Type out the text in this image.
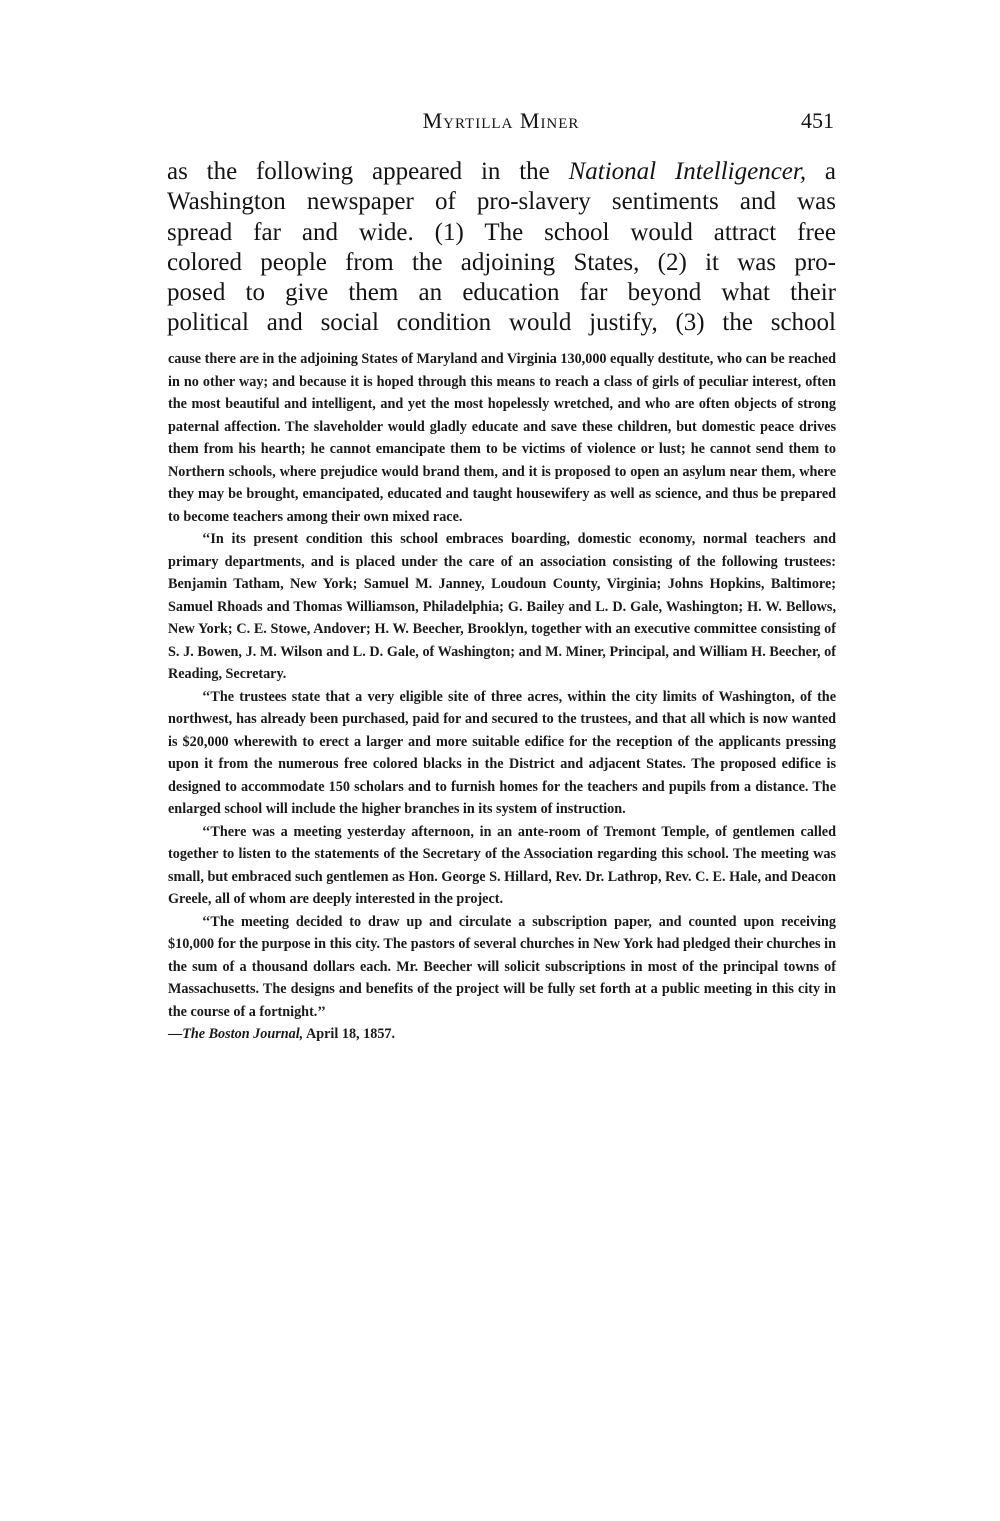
Myrtilla Miner	451
as the following appeared in the National Intelligencer, a
Washington newspaper of pro-slavery sentiments and was
spread far and wide. (1) The school would attract free
colored people from the adjoining States, (2) it was pro-
posed to give them an education far beyond what their
political and social condition would justify, (3) the school

cause there are in the adjoining States of Maryland and Virginia 130,000 equally destitute, who can be reached in no other way; and because it is hoped through this means to reach a class of girls of peculiar interest, often the most beautiful and intelligent, and yet the most hopelessly wretched, and who are often objects of strong paternal affection. The slaveholder would gladly educate and save these children, but domestic peace drives them from his hearth; he cannot emancipate them to be victims of violence or lust; he cannot send them to Northern schools, where prejudice would brand them, and it is proposed to open an asylum near them, where they may be brought, emancipated, educated and taught housewifery as well as science, and thus be prepared to become teachers among their own mixed race.

‘‘In its present condition this school embraces boarding, domestic economy, normal teachers and primary departments, and is placed under the care of an association consisting of the following trustees: Benjamin Tatham, New York; Samuel M. Janney, Loudoun County, Virginia; Johns Hopkins, Baltimore; Samuel Rhoads and Thomas Williamson, Philadelphia; G. Bailey and L. D. Gale, Washington; H. W. Bellows, New York; C. E. Stowe, Andover; H. W. Beecher, Brooklyn, together with an executive committee consisting of S. J. Bowen, J. M. Wilson and L. D. Gale, of Washington; and M. Miner, Principal, and William H. Beecher, of Reading, Secretary.

‘‘The trustees state that a very eligible site of three acres, within the city limits of Washington, of the northwest, has already been purchased, paid for and secured to the trustees, and that all which is now wanted is $20,000 wherewith to erect a larger and more suitable edifice for the reception of the applicants pressing upon it from the numerous free colored blacks in the District and adjacent States. The proposed edifice is designed to accommodate 150 scholars and to furnish homes for the teachers and pupils from a distance. The enlarged school will include the higher branches in its system of instruction.

‘‘There was a meeting yesterday afternoon, in an ante-room of Tremont Temple, of gentlemen called together to listen to the statements of the Secretary of the Association regarding this school. The meeting was small, but embraced such gentlemen as Hon. George S. Hillard, Rev. Dr. Lathrop, Rev. C. E. Hale, and Deacon Greele, all of whom are deeply interested in the project.

‘‘The meeting decided to draw up and circulate a subscription paper, and counted upon receiving $10,000 for the purpose in this city. The pastors of several churches in New York had pledged their churches in the sum of a thousand dollars each. Mr. Beecher will solicit subscriptions in most of the principal towns of Massachusetts. The designs and benefits of the project will be fully set forth at a public meeting in this city in the course of a fortnight.’’

—The Boston Journal, April 18, 1857.
